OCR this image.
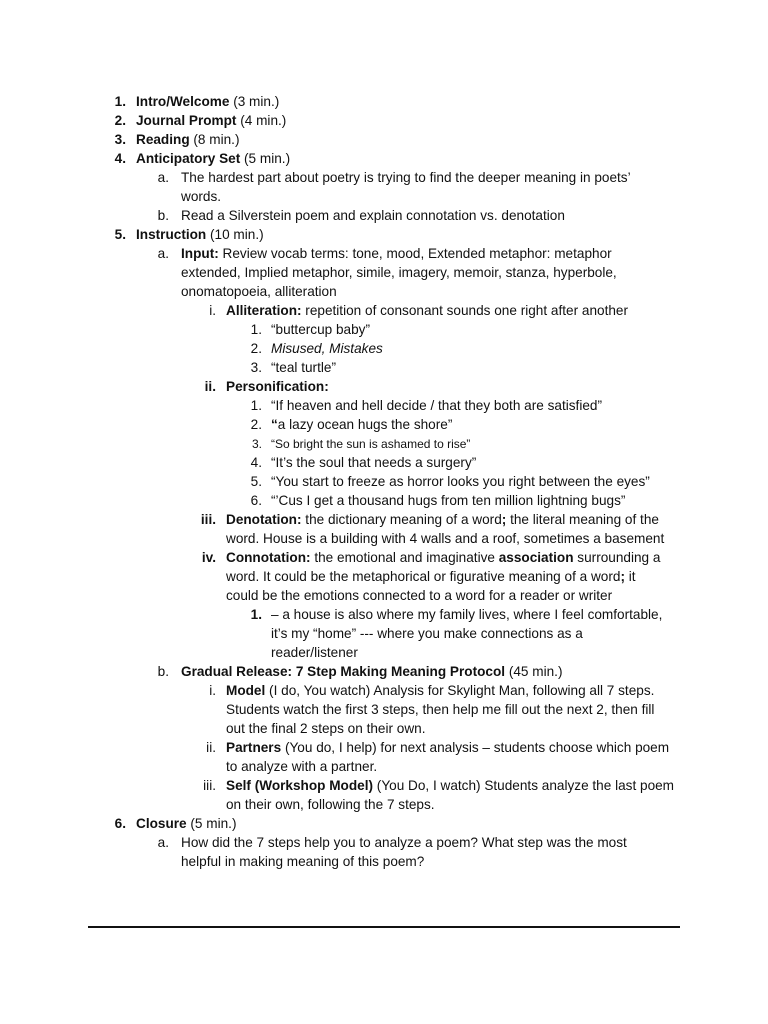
1. Intro/Welcome (3 min.)
2. Journal Prompt (4 min.)
3. Reading (8 min.)
4. Anticipatory Set (5 min.)
a. The hardest part about poetry is trying to find the deeper meaning in poets’
words.
b. Read a Silverstein poem and explain connotation vs. denotation
5. Instruction (10 min.)
a. Input: Review vocab terms: tone, mood, Extended metaphor: metaphor
extended, Implied metaphor, simile, imagery, memoir, stanza, hyperbole,
onomatopoeia, alliteration
i. Alliteration: repetition of consonant sounds one right after another
1. “buttercup baby”
2. Misused, Mistakes
3. “teal turtle”
ii. Personification:
1. “If heaven and hell decide / that they both are satisfied”
2. “a lazy ocean hugs the shore”
3. “So bright the sun is ashamed to rise”
4. “It’s the soul that needs a surgery”
5. “You start to freeze as horror looks you right between the eyes”
6. “’Cus I get a thousand hugs from ten million lightning bugs”
iii. Denotation: the dictionary meaning of a word; the literal meaning of the
word. House is a building with 4 walls and a roof, sometimes a basement
iv. Connotation: the emotional and imaginative association surrounding a
word. It could be the metaphorical or figurative meaning of a word; it
could be the emotions connected to a word for a reader or writer
1. – a house is also where my family lives, where I feel comfortable,
it’s my “home” --- where you make connections as a
reader/listener
b. Gradual Release: 7 Step Making Meaning Protocol (45 min.)
i. Model (I do, You watch) Analysis for Skylight Man, following all 7 steps.
Students watch the first 3 steps, then help me fill out the next 2, then fill
out the final 2 steps on their own.
ii. Partners (You do, I help) for next analysis – students choose which poem
to analyze with a partner.
iii. Self (Workshop Model) (You Do, I watch) Students analyze the last poem
on their own, following the 7 steps.
6. Closure (5 min.)
a. How did the 7 steps help you to analyze a poem? What step was the most
helpful in making meaning of this poem?
